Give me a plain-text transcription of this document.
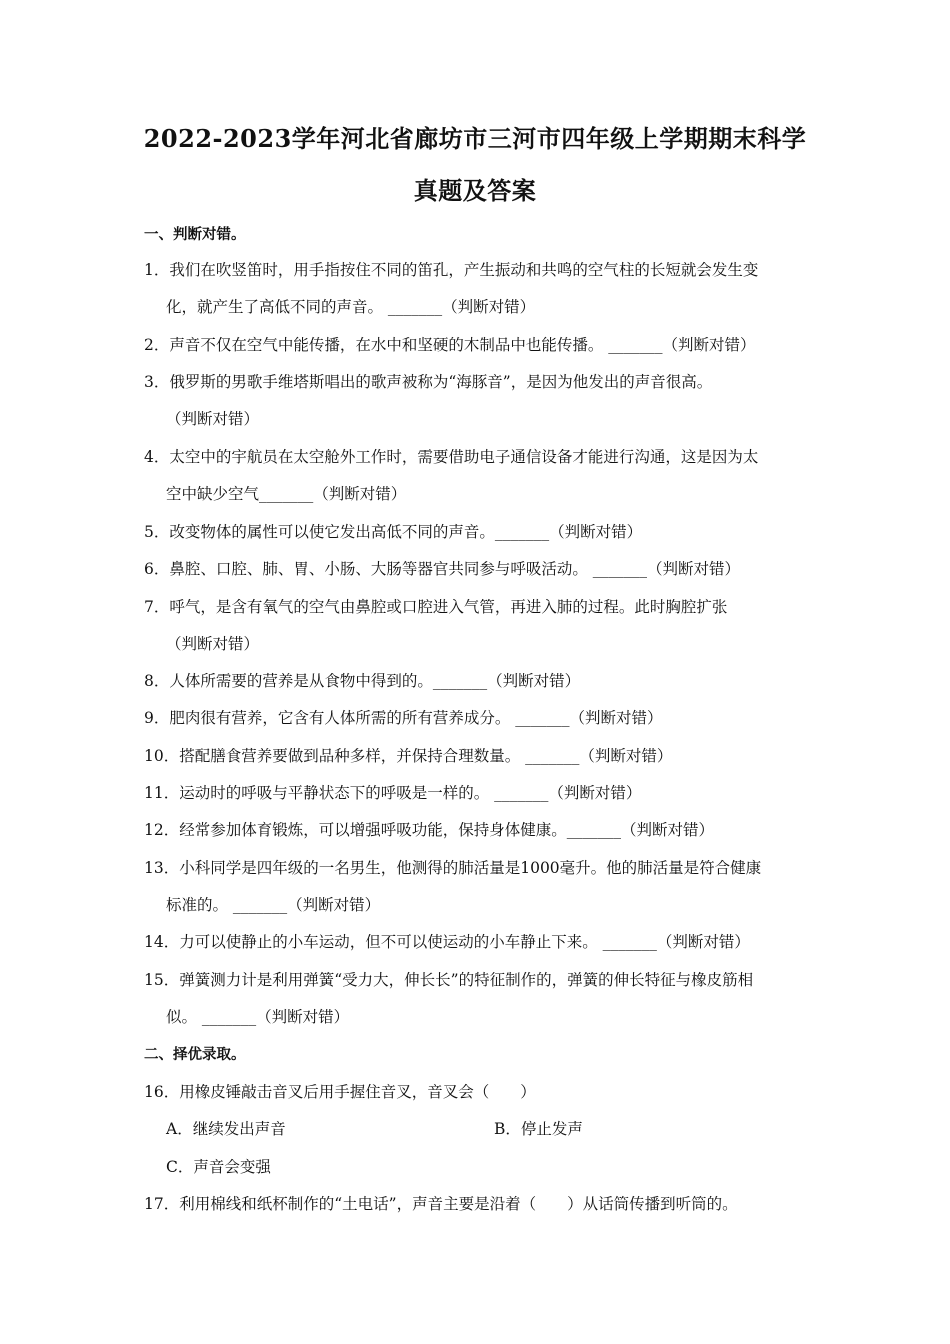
2022-2023学年河北省廊坊市三河市四年级上学期期末科学
真题及答案
一、判断对错。
1．我们在吹竖笛时，用手指按住不同的笛孔，产生振动和共鸣的空气柱的长短就会发生变
化，就产生了高低不同的声音。 _______（判断对错）
2．声音不仅在空气中能传播，在水中和坚硬的木制品中也能传播。 _______（判断对错）
3．俄罗斯的男歌手维塔斯唱出的歌声被称为“海豚音”，是因为他发出的声音很高。
（判断对错）
4．太空中的宇航员在太空舱外工作时，需要借助电子通信设备才能进行沟通，这是因为太
空中缺少空气_______（判断对错）
5．改变物体的属性可以使它发出高低不同的声音。_______（判断对错）
6．鼻腔、口腔、肺、胃、小肠、大肠等器官共同参与呼吸活动。 _______（判断对错）
7．呼气，是含有氧气的空气由鼻腔或口腔进入气管，再进入肺的过程。此时胸腔扩张
（判断对错）
8．人体所需要的营养是从食物中得到的。_______（判断对错）
9．肥肉很有营养，它含有人体所需的所有营养成分。 _______（判断对错）
10．搭配膳食营养要做到品种多样，并保持合理数量。 _______（判断对错）
11．运动时的呼吸与平静状态下的呼吸是一样的。 _______（判断对错）
12．经常参加体育锻炼，可以增强呼吸功能，保持身体健康。_______（判断对错）
13．小科同学是四年级的一名男生，他测得的肺活量是1000毫升。他的肺活量是符合健康
标准的。 _______（判断对错）
14．力可以使静止的小车运动，但不可以使运动的小车静止下来。 _______（判断对错）
15．弹簧测力计是利用弹簧“受力大，伸长长”的特征制作的，弹簧的伸长特征与橡皮筋相
似。 _______（判断对错）
二、择优录取。
16．用橡皮锤敲击音叉后用手握住音叉，音叉会（　　）
A．继续发出声音	B．停止发声
C．声音会变强
17．利用棉线和纸杯制作的“土电话”，声音主要是沿着（　　）从话筒传播到听筒的。
